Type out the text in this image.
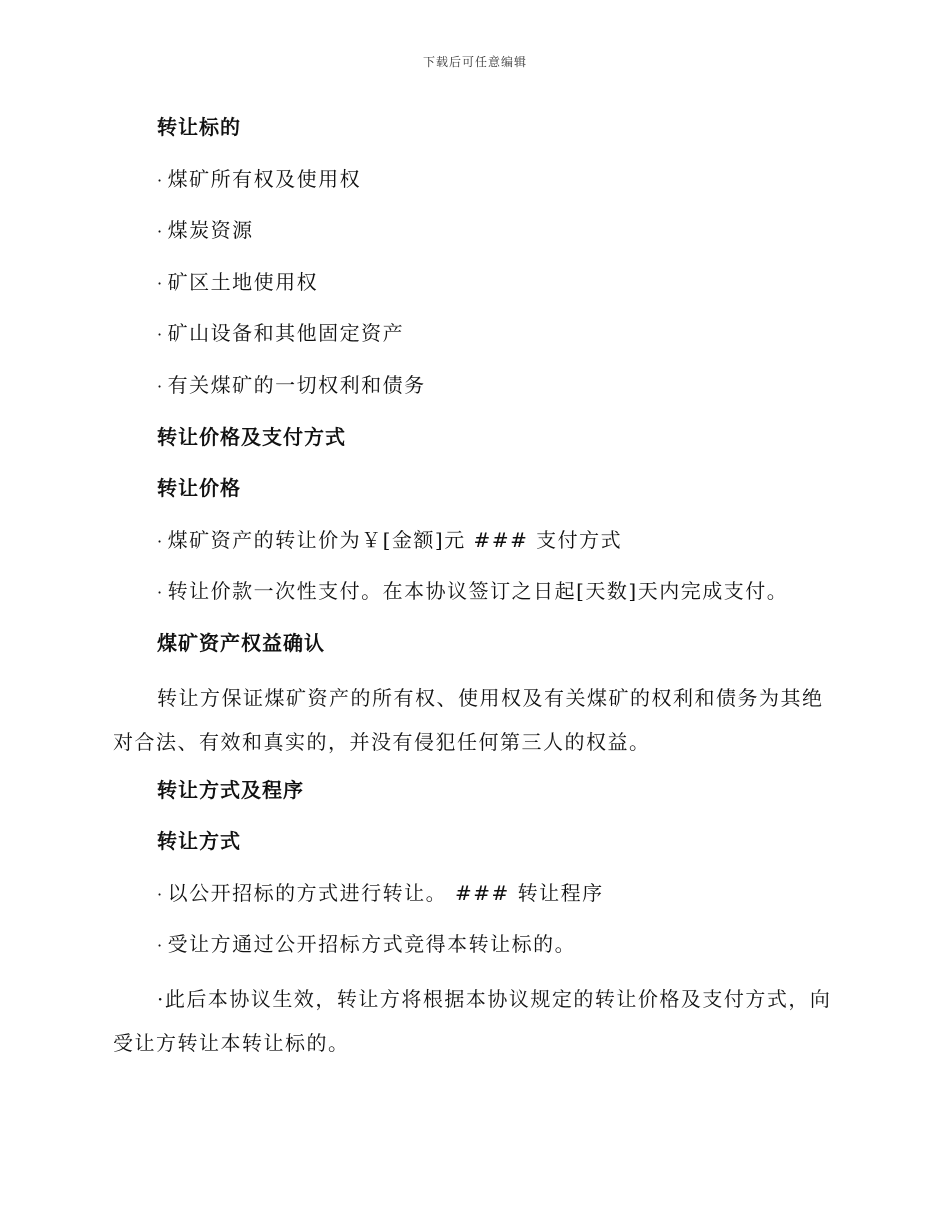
下载后可任意编辑
转让标的
· 煤矿所有权及使用权
· 煤炭资源
· 矿区土地使用权
· 矿山设备和其他固定资产
· 有关煤矿的一切权利和债务
转让价格及支付方式
转让价格
· 煤矿资产的转让价为￥[金额]元 ### 支付方式
· 转让价款一次性支付。在本协议签订之日起[天数]天内完成支付。
煤矿资产权益确认
转让方保证煤矿资产的所有权、使用权及有关煤矿的权利和债务为其绝对合法、有效和真实的，并没有侵犯任何第三人的权益。
转让方式及程序
转让方式
· 以公开招标的方式进行转让。 ### 转让程序
· 受让方通过公开招标方式竞得本转让标的。
·此后本协议生效，转让方将根据本协议规定的转让价格及支付方式，向受让方转让本转让标的。
